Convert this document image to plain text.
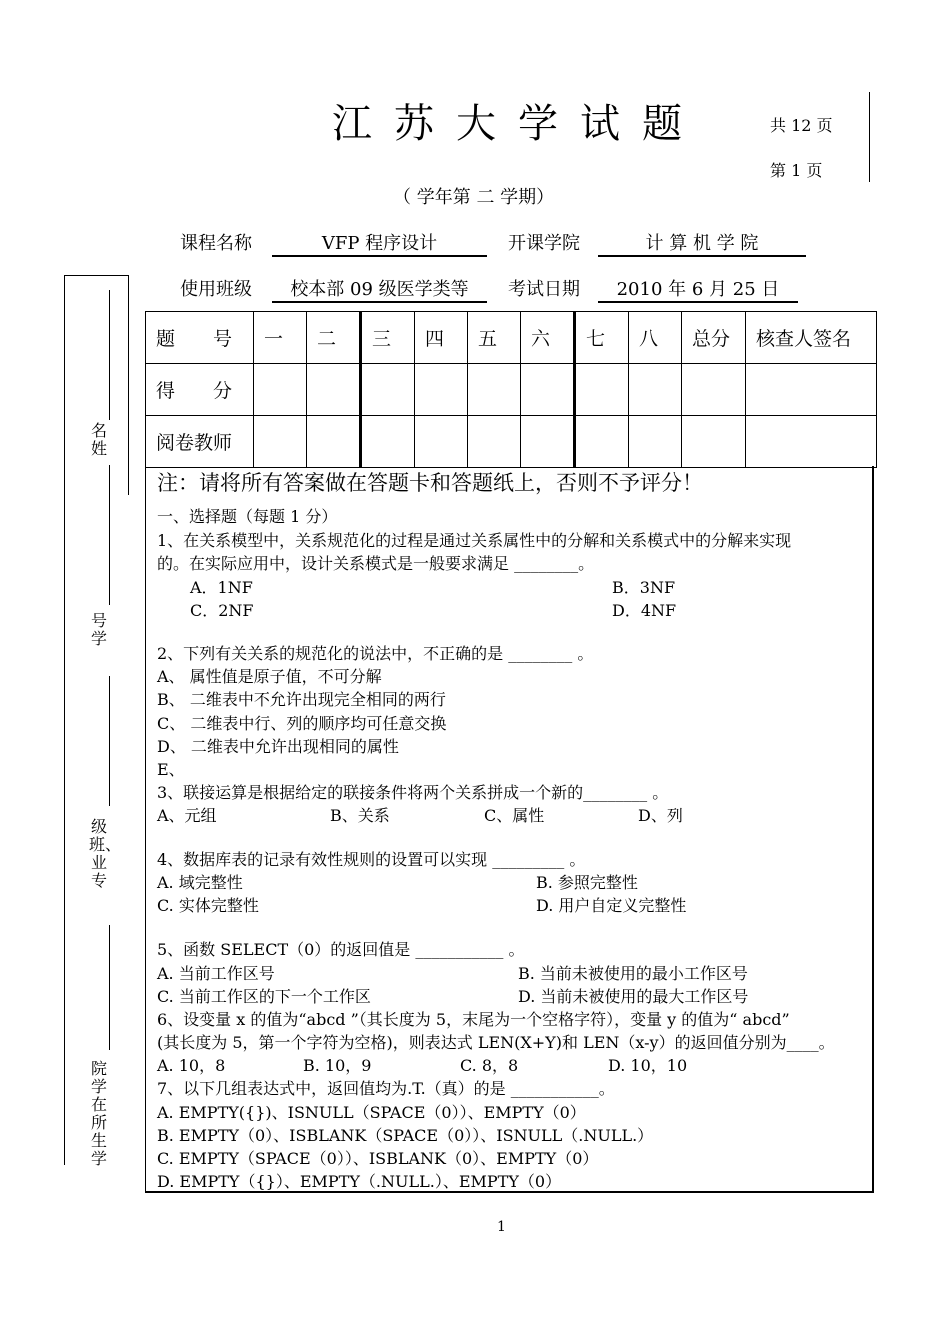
江苏大学试题	共 12 页
第 1 页
（ 学年第 二 学期）
课程名称	VFP 程序设计	开课学院	计 算 机 学 院
使用班级	校本部 09 级医学类等	考试日期	2010 年 6 月 25 日
名姓
号学
级班、业专
院学在所生学
题　　号	一	二	三	四	五	六	七	八	总分	核查人签名
得　　分										
阅卷教师										
注：请将所有答案做在答题卡和答题纸上，否则不予评分！
一、选择题（每题 1 分）
1、在关系模型中，关系规范化的过程是通过关系属性中的分解和关系模式中的分解来实现
的。在实际应用中，设计关系模式是一般要求满足 ________。
A．1NF	B．3NF
C．2NF	D．4NF
2、下列有关关系的规范化的说法中，不正确的是 ________ 。
A、 属性值是原子值，不可分解
B、 二维表中不允许出现完全相同的两行
C、 二维表中行、列的顺序均可任意交换
D、 二维表中允许出现相同的属性
E、
3、联接运算是根据给定的联接条件将两个关系拼成一个新的________ 。
A、元组	B、关系	C、属性	D、列
4、数据库表的记录有效性规则的设置可以实现 _________ 。
A. 域完整性	B. 参照完整性
C. 实体完整性	D. 用户自定义完整性
5、函数 SELECT（0）的返回值是 ___________ 。
A. 当前工作区号	B. 当前未被使用的最小工作区号
C. 当前工作区的下一个工作区	D. 当前未被使用的最大工作区号
6、设变量 x 的值为“abcd ”（其长度为 5，末尾为一个空格字符），变量 y 的值为“ abcd”
(其长度为 5，第一个字符为空格)，则表达式 LEN(X+Y)和 LEN（x-y）的返回值分别为____。
A. 10，8	B. 10，9	C. 8，8	D. 10，10
7、以下几组表达式中，返回值均为.T.（真）的是 ___________。
A. EMPTY({})、ISNULL（SPACE（0））、EMPTY（0）
B. EMPTY（0）、ISBLANK（SPACE（0））、ISNULL（.NULL.）
C. EMPTY（SPACE（0））、ISBLANK（0）、EMPTY（0）
D. EMPTY（{}）、EMPTY（.NULL.）、EMPTY（0）
1
